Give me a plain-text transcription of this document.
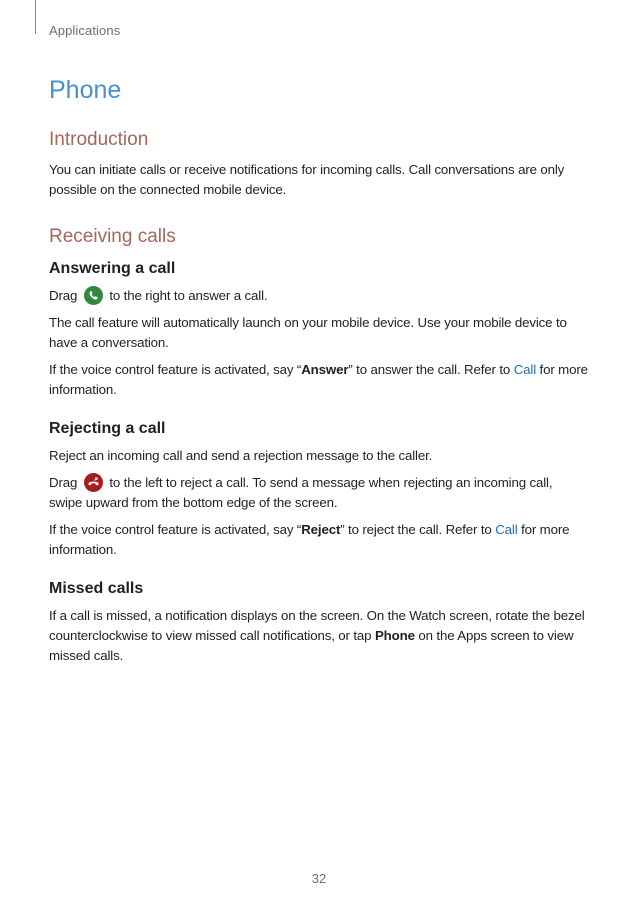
Applications
Phone
Introduction

You can initiate calls or receive notifications for incoming calls. Call conversations are only possible on the connected mobile device.

Receiving calls
Answering a call

Drag to the right to answer a call.

The call feature will automatically launch on your mobile device. Use your mobile device to have a conversation.

If the voice control feature is activated, say “Answer” to answer the call. Refer to Call for more information.

Rejecting a call

Reject an incoming call and send a rejection message to the caller.

Drag to the left to reject a call. To send a message when rejecting an incoming call, swipe upward from the bottom edge of the screen.

If the voice control feature is activated, say “Reject” to reject the call. Refer to Call for more information.

Missed calls

If a call is missed, a notification displays on the screen. On the Watch screen, rotate the bezel counterclockwise to view missed call notifications, or tap Phone on the Apps screen to view missed calls.

32
